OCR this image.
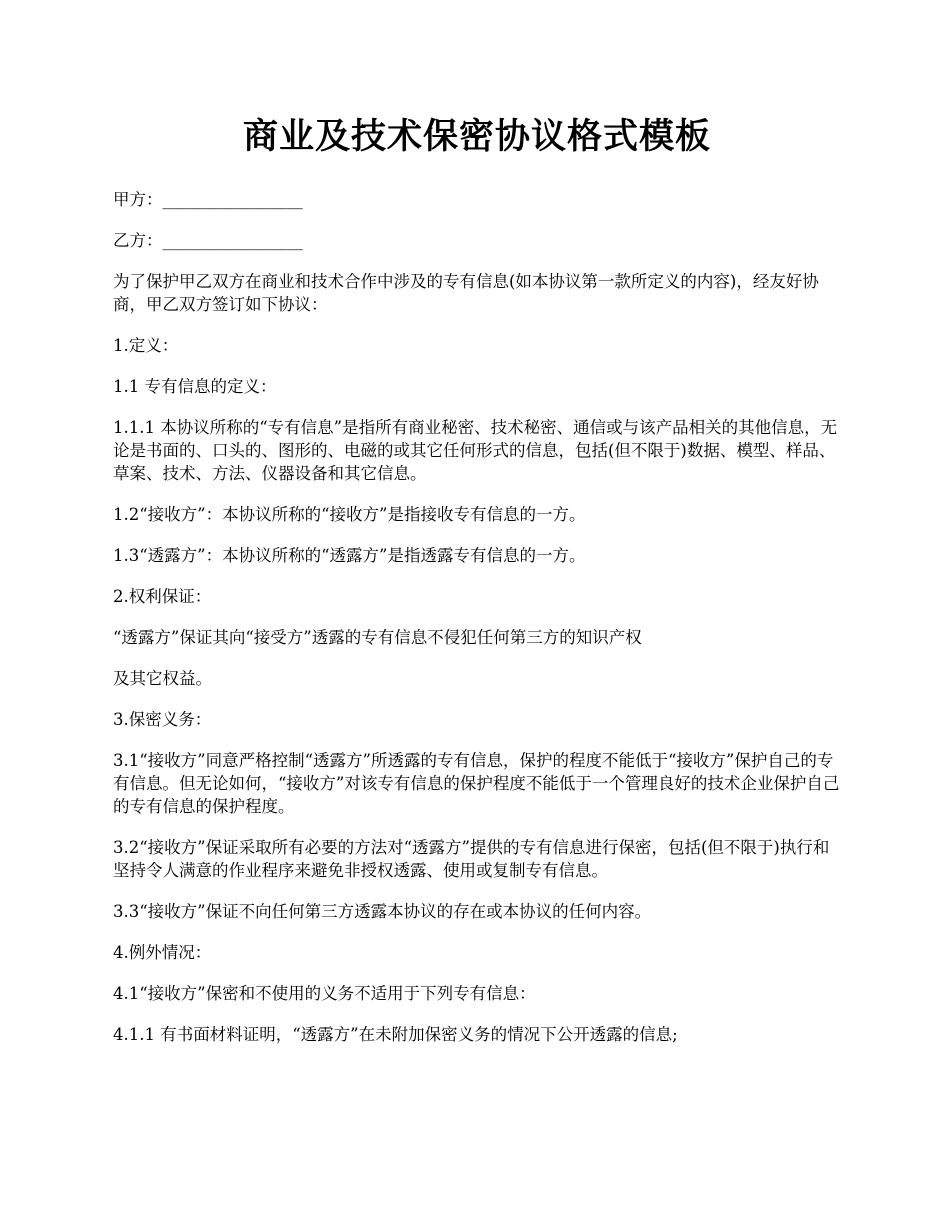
商业及技术保密协议格式模板

甲方：_________________

乙方：_________________

为了保护甲乙双方在商业和技术合作中涉及的专有信息(如本协议第一款所定义的内容)，经友好协商，甲乙双方签订如下协议：

1.定义：

1.1 专有信息的定义：

1.1.1 本协议所称的“专有信息”是指所有商业秘密、技术秘密、通信或与该产品相关的其他信息，无论是书面的、口头的、图形的、电磁的或其它任何形式的信息，包括(但不限于)数据、模型、样品、草案、技术、方法、仪器设备和其它信息。

1.2“接收方”：本协议所称的“接收方”是指接收专有信息的一方。

1.3“透露方”：本协议所称的“透露方”是指透露专有信息的一方。

2.权利保证：

“透露方”保证其向“接受方”透露的专有信息不侵犯任何第三方的知识产权

及其它权益。

3.保密义务：

3.1“接收方”同意严格控制“透露方”所透露的专有信息，保护的程度不能低于“接收方”保护自己的专有信息。但无论如何，“接收方”对该专有信息的保护程度不能低于一个管理良好的技术企业保护自己的专有信息的保护程度。

3.2“接收方”保证采取所有必要的方法对“透露方”提供的专有信息进行保密，包括(但不限于)执行和坚持令人满意的作业程序来避免非授权透露、使用或复制专有信息。

3.3“接收方”保证不向任何第三方透露本协议的存在或本协议的任何内容。

4.例外情况：

4.1“接收方”保密和不使用的义务不适用于下列专有信息：

4.1.1 有书面材料证明，“透露方”在未附加保密义务的情况下公开透露的信息;
